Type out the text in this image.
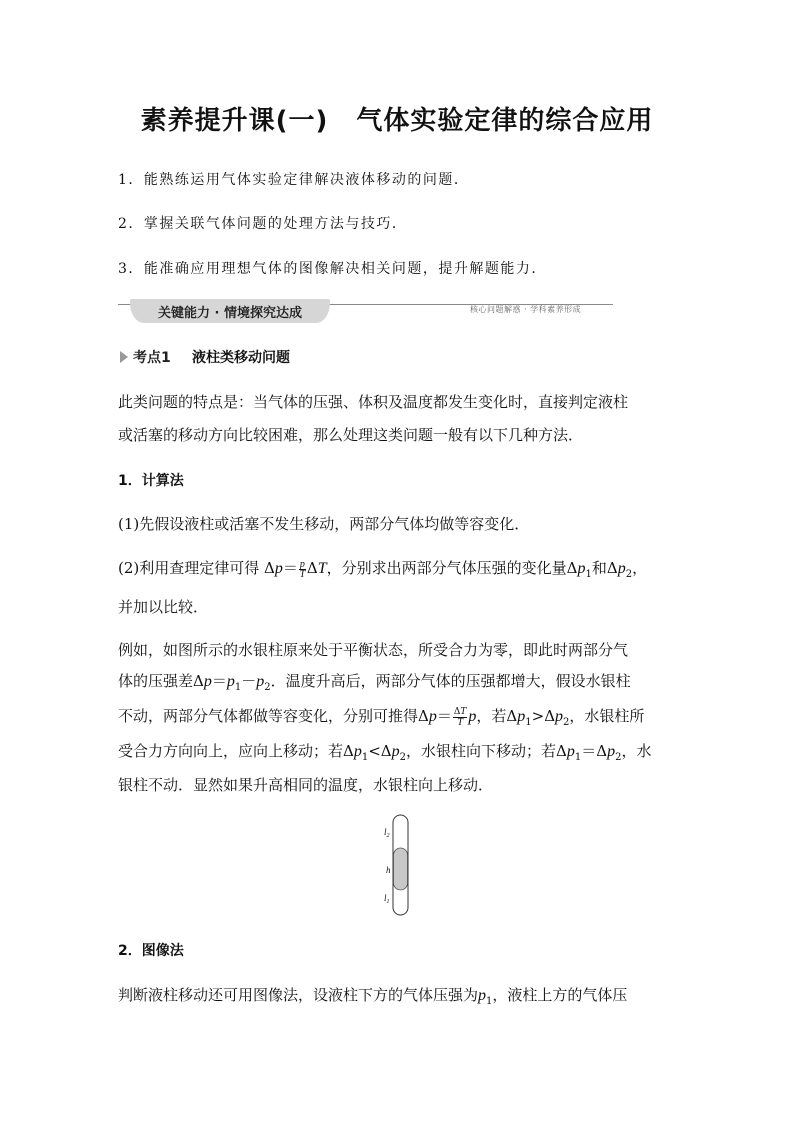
素养提升课(一) 气体实验定律的综合应用
1．能熟练运用气体实验定律解决液体移动的问题．
2．掌握关联气体问题的处理方法与技巧．
3．能准确应用理想气体的图像解决相关问题，提升解题能力．
关键能力 · 情境探究达成	核心问题解惑 · 学科素养形成
考点1 液柱类移动问题
此类问题的特点是：当气体的压强、体积及温度都发生变化时，直接判定液柱
或活塞的移动方向比较困难，那么处理这类问题一般有以下几种方法．
1．计算法
(1)先假设液柱或活塞不发生移动，两部分气体均做等容变化．
(2)利用查理定律可得 $\Delta p= \frac{p}{T}$ ΔT，分别求出两部分气体压强的变化量$\Delta p_1$和$\Delta p_2$，
并加以比较．
例如，如图所示的水银柱原来处于平衡状态，所受合力为零，即此时两部分气
体的压强差$\Delta p=p_1-p_2$．温度升高后，两部分气体的压强都增大，假设水银柱
不动，两部分气体都做等容变化，分别可推得$\Delta p= \frac{\Delta T}{T}$ p，若$\Delta p_1>\Delta p_2$，水银柱所
受合力方向向上，应向上移动；若$\Delta p_1<\Delta p_2$，水银柱向下移动；若$\Delta p_1=\Delta p_2$，水
银柱不动．显然如果升高相同的温度，水银柱向上移动．
$l_2$
h
$l_1$
2．图像法
判断液柱移动还可用图像法，设液柱下方的气体压强为$p_1$，液柱上方的气体压
